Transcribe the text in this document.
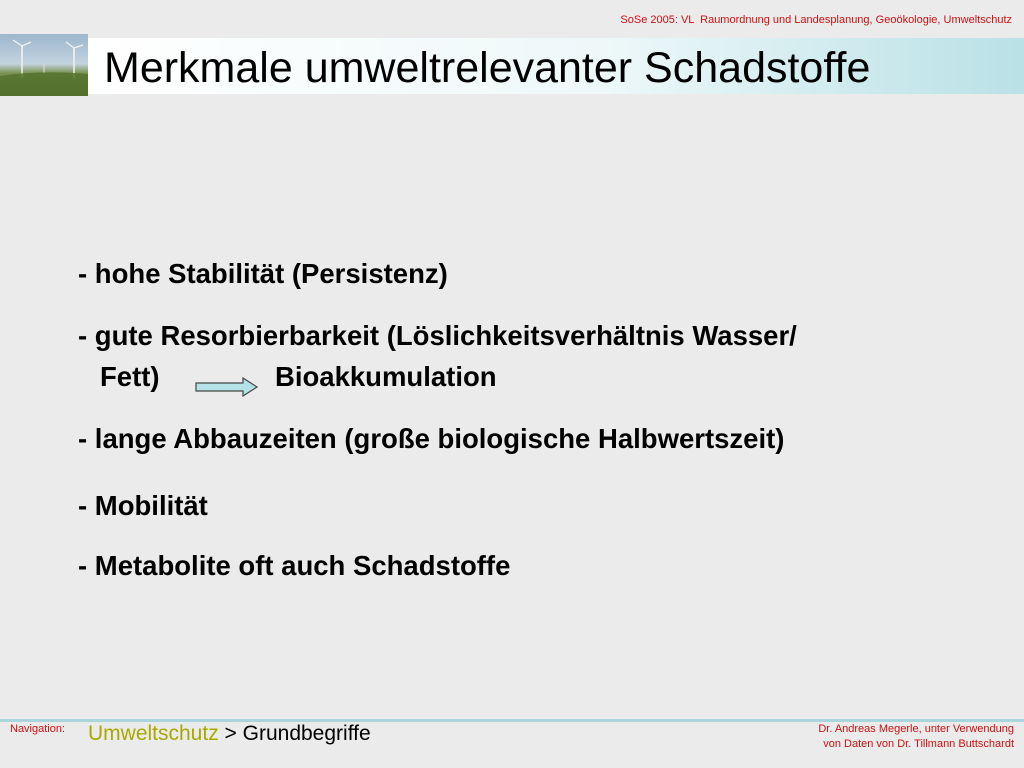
SoSe 2005: VL  Raumordnung und Landesplanung, Geoökologie, Umweltschutz
Merkmale umweltrelevanter Schadstoffe
- hohe Stabilität (Persistenz)
- gute Resorbierbarkeit (Löslichkeitsverhältnis Wasser/
Fett)	Bioakkumulation
- lange Abbauzeiten (große biologische Halbwertszeit)
- Mobilität
- Metabolite oft auch Schadstoffe
Navigation: Umweltschutz > Grundbegriffe	Dr. Andreas Megerle, unter Verwendung
von Daten von Dr. Tillmann Buttschardt
